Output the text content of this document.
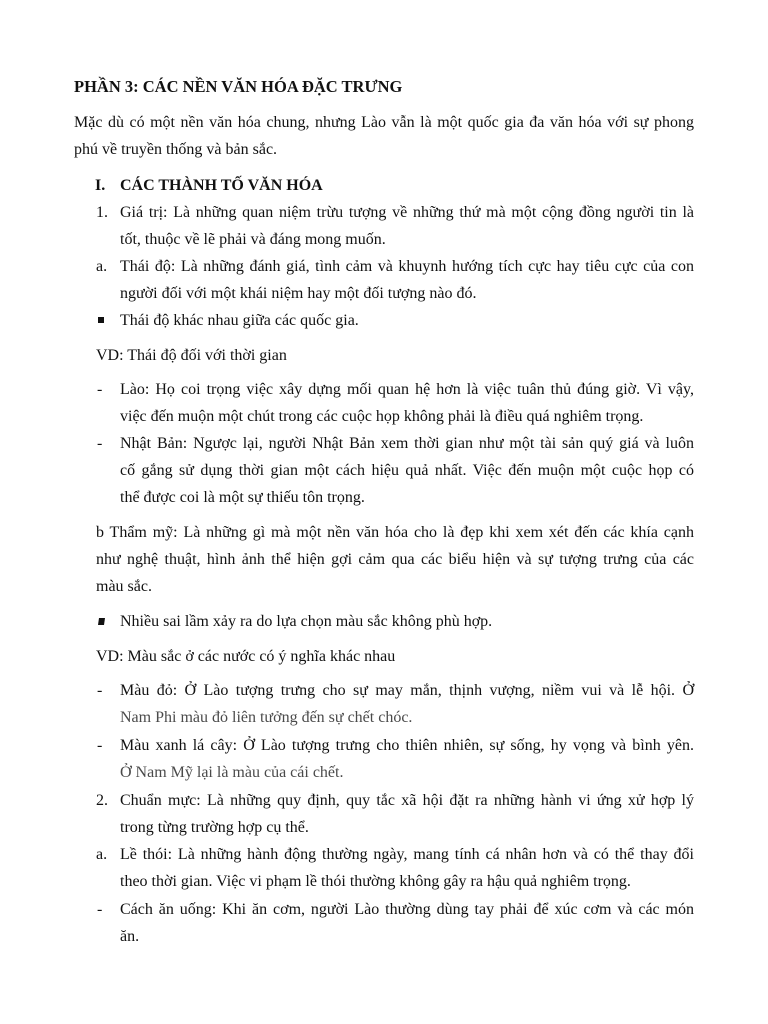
PHẦN 3: CÁC NỀN VĂN HÓA ĐẶC TRƯNG
Mặc dù có một nền văn hóa chung, nhưng Lào vẫn là một quốc gia đa văn hóa với sự phong
phú về truyền thống và bản sắc.
I. CÁC THÀNH TỐ VĂN HÓA
1. Giá trị: Là những quan niệm trừu tượng về những thứ mà một cộng đồng người tin là
tốt, thuộc về lẽ phải và đáng mong muốn.
a. Thái độ: Là những đánh giá, tình cảm và khuynh hướng tích cực hay tiêu cực của con
người đối với một khái niệm hay một đối tượng nào đó.
Thái độ khác nhau giữa các quốc gia.
VD: Thái độ đối với thời gian
- Lào: Họ coi trọng việc xây dựng mối quan hệ hơn là việc tuân thủ đúng giờ. Vì vậy,
việc đến muộn một chút trong các cuộc họp không phải là điều quá nghiêm trọng.
- Nhật Bản: Ngược lại, người Nhật Bản xem thời gian như một tài sản quý giá và luôn
cố gắng sử dụng thời gian một cách hiệu quả nhất. Việc đến muộn một cuộc họp có
thể được coi là một sự thiếu tôn trọng.
b Thẩm mỹ: Là những gì mà một nền văn hóa cho là đẹp khi xem xét đến các khía cạnh
như nghệ thuật, hình ảnh thể hiện gợi cảm qua các biểu hiện và sự tượng trưng của các
màu sắc.
Nhiều sai lầm xảy ra do lựa chọn màu sắc không phù hợp.
VD: Màu sắc ở các nước có ý nghĩa khác nhau
- Màu đỏ: Ở Lào tượng trưng cho sự may mắn, thịnh vượng, niềm vui và lễ hội. Ở
Nam Phi màu đỏ liên tưởng đến sự chết chóc.
- Màu xanh lá cây: Ở Lào tượng trưng cho thiên nhiên, sự sống, hy vọng và bình yên.
Ở Nam Mỹ lại là màu của cái chết.
2. Chuẩn mực: Là những quy định, quy tắc xã hội đặt ra những hành vi ứng xử hợp lý
trong từng trường hợp cụ thể.
a. Lề thói: Là những hành động thường ngày, mang tính cá nhân hơn và có thể thay đổi
theo thời gian. Việc vi phạm lề thói thường không gây ra hậu quả nghiêm trọng.
- Cách ăn uống: Khi ăn cơm, người Lào thường dùng tay phải để xúc cơm và các món
ăn.
